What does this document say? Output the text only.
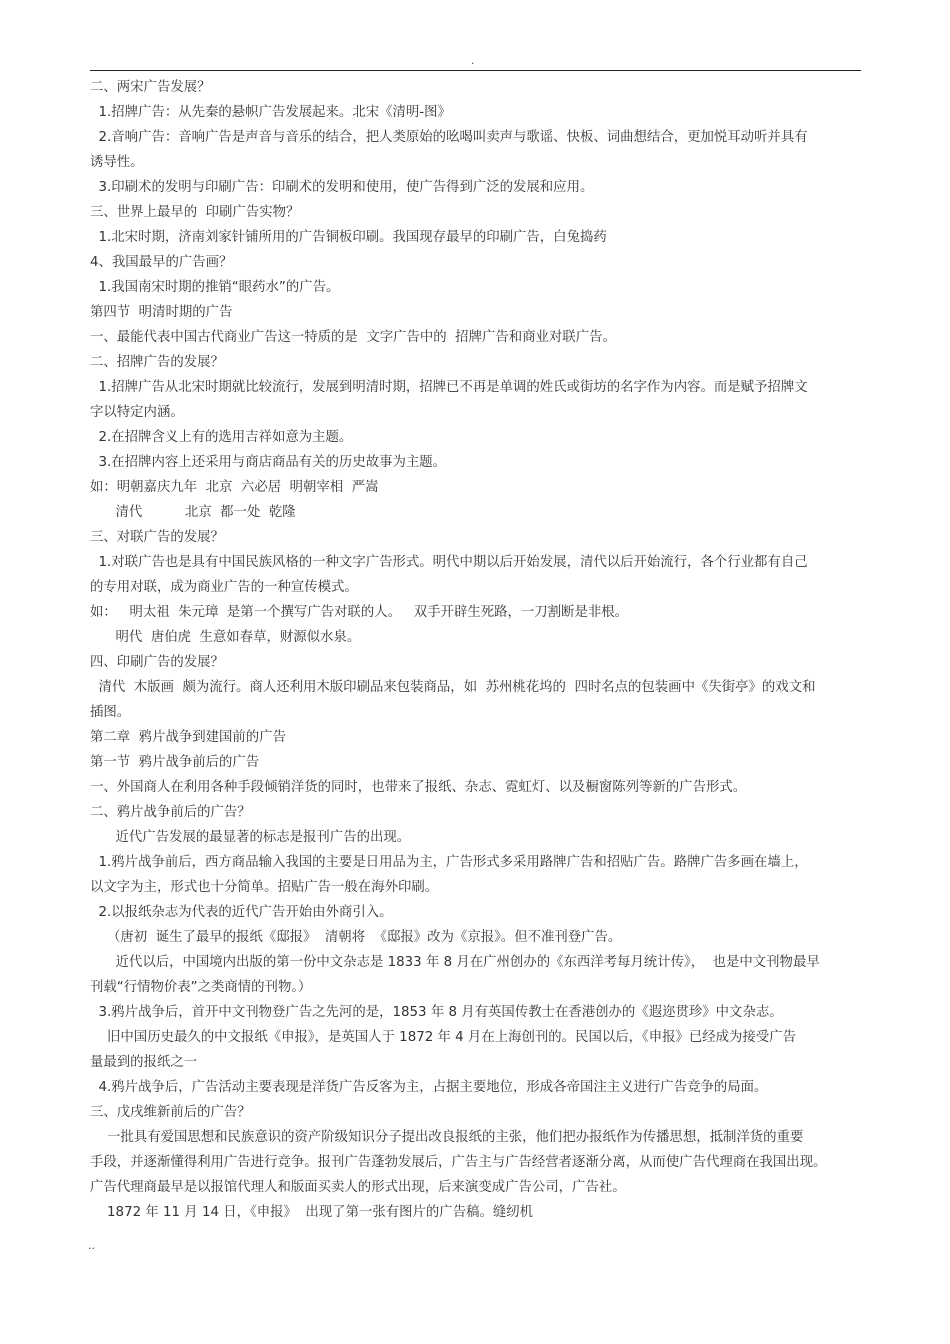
.
二、两宋广告发展？
1.招牌广告：从先秦的悬帜广告发展起来。北宋《清明-图》
2.音响广告：音响广告是声音与音乐的结合，把人类原始的吆喝叫卖声与歌谣、快板、词曲想结合，更加悦耳动听并具有
诱导性。
3.印刷术的发明与印刷广告：印刷术的发明和使用，使广告得到广泛的发展和应用。
三、世界上最早的  印刷广告实物？
1.北宋时期，济南刘家针铺所用的广告铜板印刷。我国现存最早的印刷广告，白兔捣药
4、我国最早的广告画？
1.我国南宋时期的推销“眼药水”的广告。
第四节  明清时期的广告
一、最能代表中国古代商业广告这一特质的是  文字广告中的  招牌广告和商业对联广告。
二、招牌广告的发展？
1.招牌广告从北宋时期就比较流行，发展到明清时期，招牌已不再是单调的姓氏或街坊的名字作为内容。而是赋予招牌文
字以特定内涵。
2.在招牌含义上有的选用吉祥如意为主题。
3.在招牌内容上还采用与商店商品有关的历史故事为主题。
如：明朝嘉庆九年  北京  六必居  明朝宰相  严嵩
清代          北京  都一处  乾隆
三、对联广告的发展？
1.对联广告也是具有中国民族风格的一种文字广告形式。明代中期以后开始发展，清代以后开始流行，各个行业都有自己
的专用对联，成为商业广告的一种宣传模式。
如：   明太祖  朱元璋  是第一个撰写广告对联的人。   双手开辟生死路，一刀割断是非根。
明代  唐伯虎  生意如春草，财源似水泉。
四、印刷广告的发展？
清代  木版画  颇为流行。商人还利用木版印刷品来包装商品，如  苏州桃花坞的  四时名点的包装画中《失街亭》的戏文和
插图。
第二章  鸦片战争到建国前的广告
第一节  鸦片战争前后的广告
一、外国商人在利用各种手段倾销洋货的同时，也带来了报纸、杂志、霓虹灯、以及橱窗陈列等新的广告形式。
二、鸦片战争前后的广告？
近代广告发展的最显著的标志是报刊广告的出现。
1.鸦片战争前后，西方商品输入我国的主要是日用品为主，广告形式多采用路牌广告和招贴广告。路牌广告多画在墙上，
以文字为主，形式也十分简单。招贴广告一般在海外印刷。
2.以报纸杂志为代表的近代广告开始由外商引入。
（唐初  诞生了最早的报纸《邸报》  清朝将  《邸报》改为《京报》。但不准刊登广告。
近代以后，中国境内出版的第一份中文杂志是 1833 年 8 月在广州创办的《东西洋考每月统计传》，  也是中文刊物最早
刊载“行情物价表”之类商情的刊物。）
3.鸦片战争后，首开中文刊物登广告之先河的是，1853 年 8 月有英国传教士在香港创办的《遐迩贯珍》中文杂志。
旧中国历史最久的中文报纸《申报》，是英国人于 1872 年 4 月在上海创刊的。民国以后，《申报》已经成为接受广告
量最到的报纸之一
4.鸦片战争后，广告活动主要表现是洋货广告反客为主，占据主要地位，形成各帝国注主义进行广告竞争的局面。
三、戊戌维新前后的广告？
一批具有爱国思想和民族意识的资产阶级知识分子提出改良报纸的主张，他们把办报纸作为传播思想，抵制洋货的重要
手段，并逐渐懂得利用广告进行竞争。报刊广告蓬勃发展后，广告主与广告经营者逐渐分离，从而使广告代理商在我国出现。
广告代理商最早是以报馆代理人和版面买卖人的形式出现，后来演变成广告公司，广告社。
1872 年 11 月 14 日，《申报》  出现了第一张有图片的广告稿。缝纫机
..
